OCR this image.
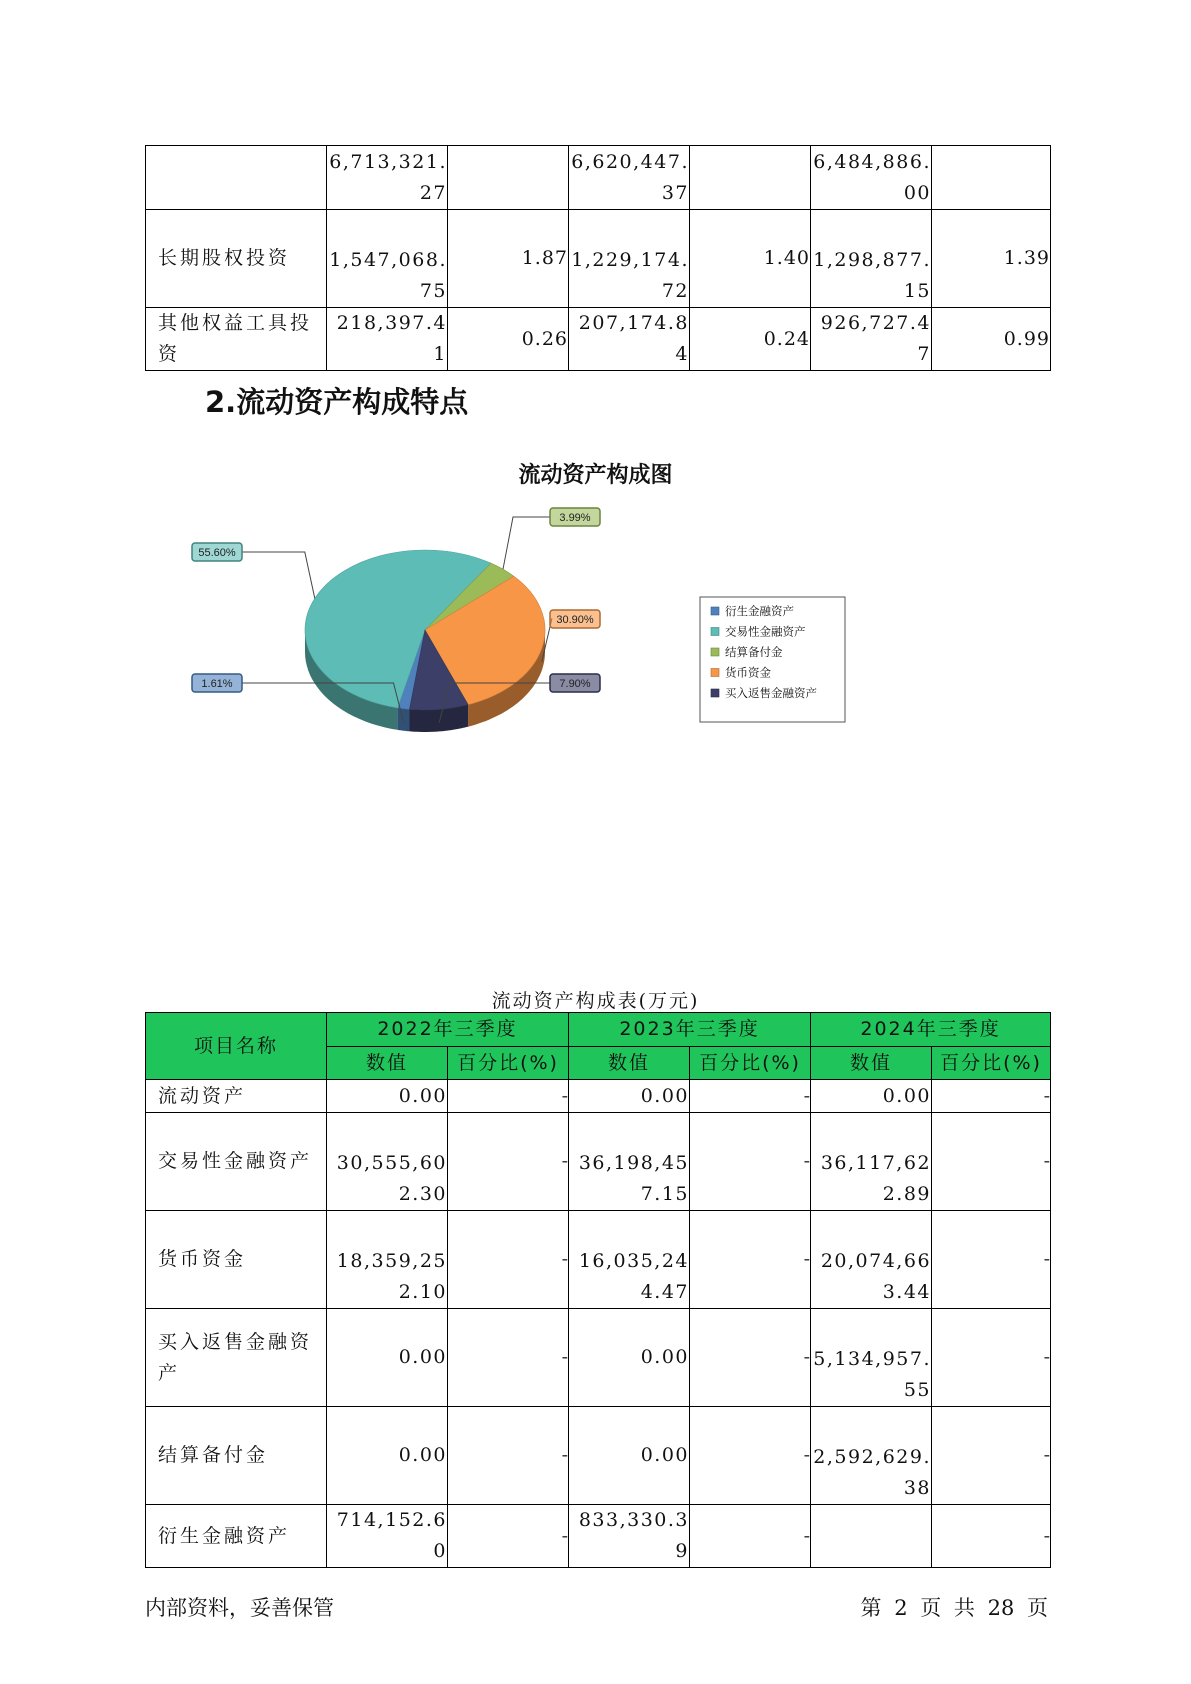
	6,713,321.27		6,620,447.37		6,484,886.00	
长期股权投资	1,547,068.75	1.87	1,229,174.72	1.40	1,298,877.15	1.39
其他权益工具投资	218,397.41	0.26	207,174.84	0.24	926,727.47	0.99
2.流动资产构成特点
流动资产构成图
1.61%
55.60%
3.99%
30.90%
7.90%
衍生金融资产
交易性金融资产
结算备付金
货币资金
买入返售金融资产
流动资产构成表(万元)
项目名称	2022年三季度		2023年三季度		2024年三季度	
	数值	百分比(%)	数值	百分比(%)	数值	百分比(%)
流动资产	0.00	-	0.00	-	0.00	-
交易性金融资产	30,555,602.30	-	36,198,457.15	-	36,117,622.89	-
货币资金	18,359,252.10	-	16,035,244.47	-	20,074,663.44	-
买入返售金融资产	0.00	-	0.00	-	5,134,957.55	-
结算备付金	0.00	-	0.00	-	2,592,629.38	-
衍生金融资产	714,152.60	-	833,330.39	-		-
内部资料，妥善保管	第 2 页 共 28 页
